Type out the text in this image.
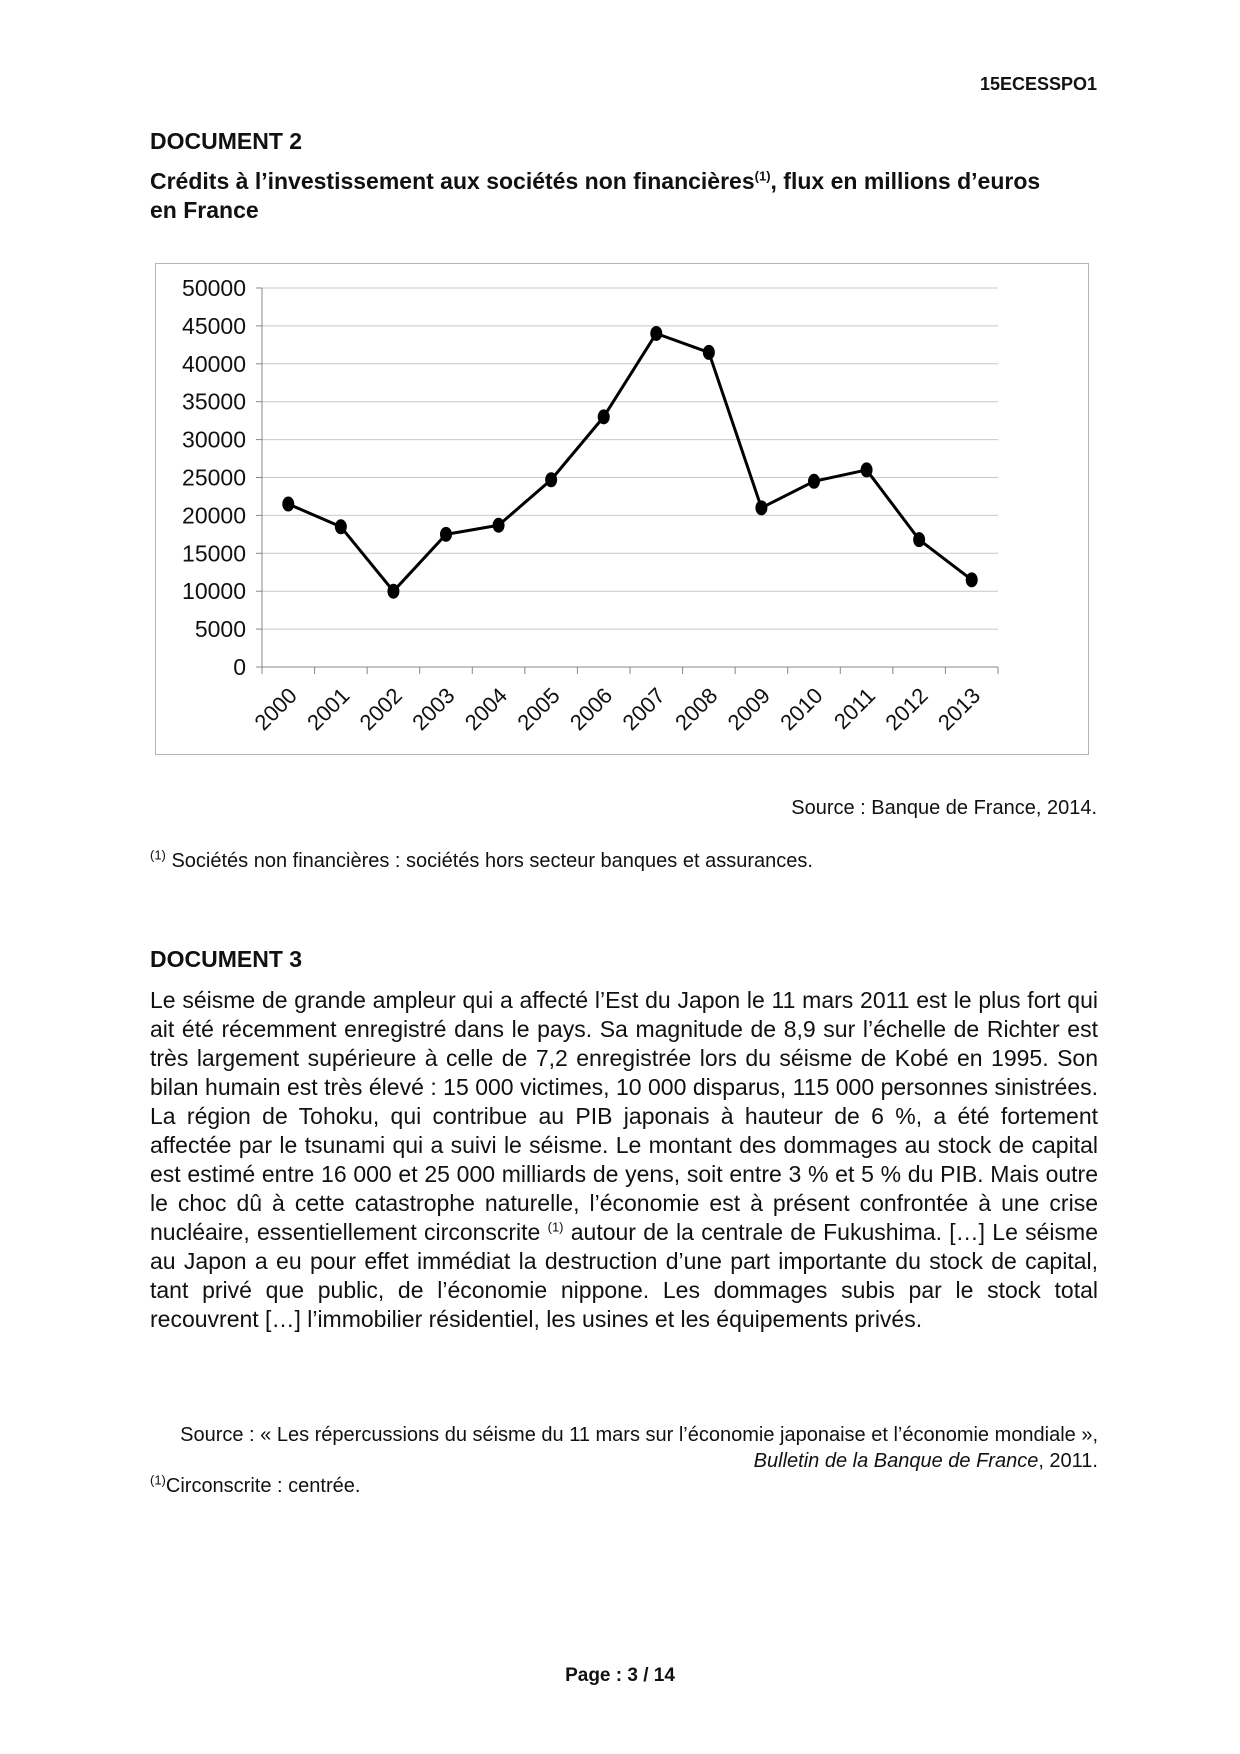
15ECESSPO1
DOCUMENT 2
Crédits à l’investissement aux sociétés non financières$^{(1)}$, flux en millions d’euros en France
0
5000
10000
15000
20000
25000
30000
35000
40000
45000
50000
2000 2001 2002 2003 2004 2005 2006 2007 2008 2009 2010 2011 2012 2013
Source : Banque de France, 2014.
$^{(1)}$ Sociétés non financières : sociétés hors secteur banques et assurances.
DOCUMENT 3
Le séisme de grande ampleur qui a affecté l’Est du Japon le 11 mars 2011 est le plus fort qui ait été récemment enregistré dans le pays. Sa magnitude de 8,9 sur l’échelle de Richter est très largement supérieure à celle de 7,2 enregistrée lors du séisme de Kobé en 1995. Son bilan humain est très élevé : 15 000 victimes, 10 000 disparus, 115 000 personnes sinistrées. La région de Tohoku, qui contribue au PIB japonais à hauteur de 6 %, a été fortement affectée par le tsunami qui a suivi le séisme. Le montant des dommages au stock de capital est estimé entre 16 000 et 25 000 milliards de yens, soit entre 3 % et 5 % du PIB. Mais outre le choc dû à cette catastrophe naturelle, l’économie est à présent confrontée à une crise nucléaire, essentiellement circonscrite $^{(1)}$ autour de la centrale de Fukushima. […] Le séisme au Japon a eu pour effet immédiat la destruction d’une part importante du stock de capital, tant privé que public, de l’économie nippone. Les dommages subis par le stock total recouvrent […] l’immobilier résidentiel, les usines et les équipements privés.
Source : « Les répercussions du séisme du 11 mars sur l’économie japonaise et l’économie mondiale », Bulletin de la Banque de France, 2011.
$^{(1)}$Circonscrite : centrée.
Page : 3 / 14
